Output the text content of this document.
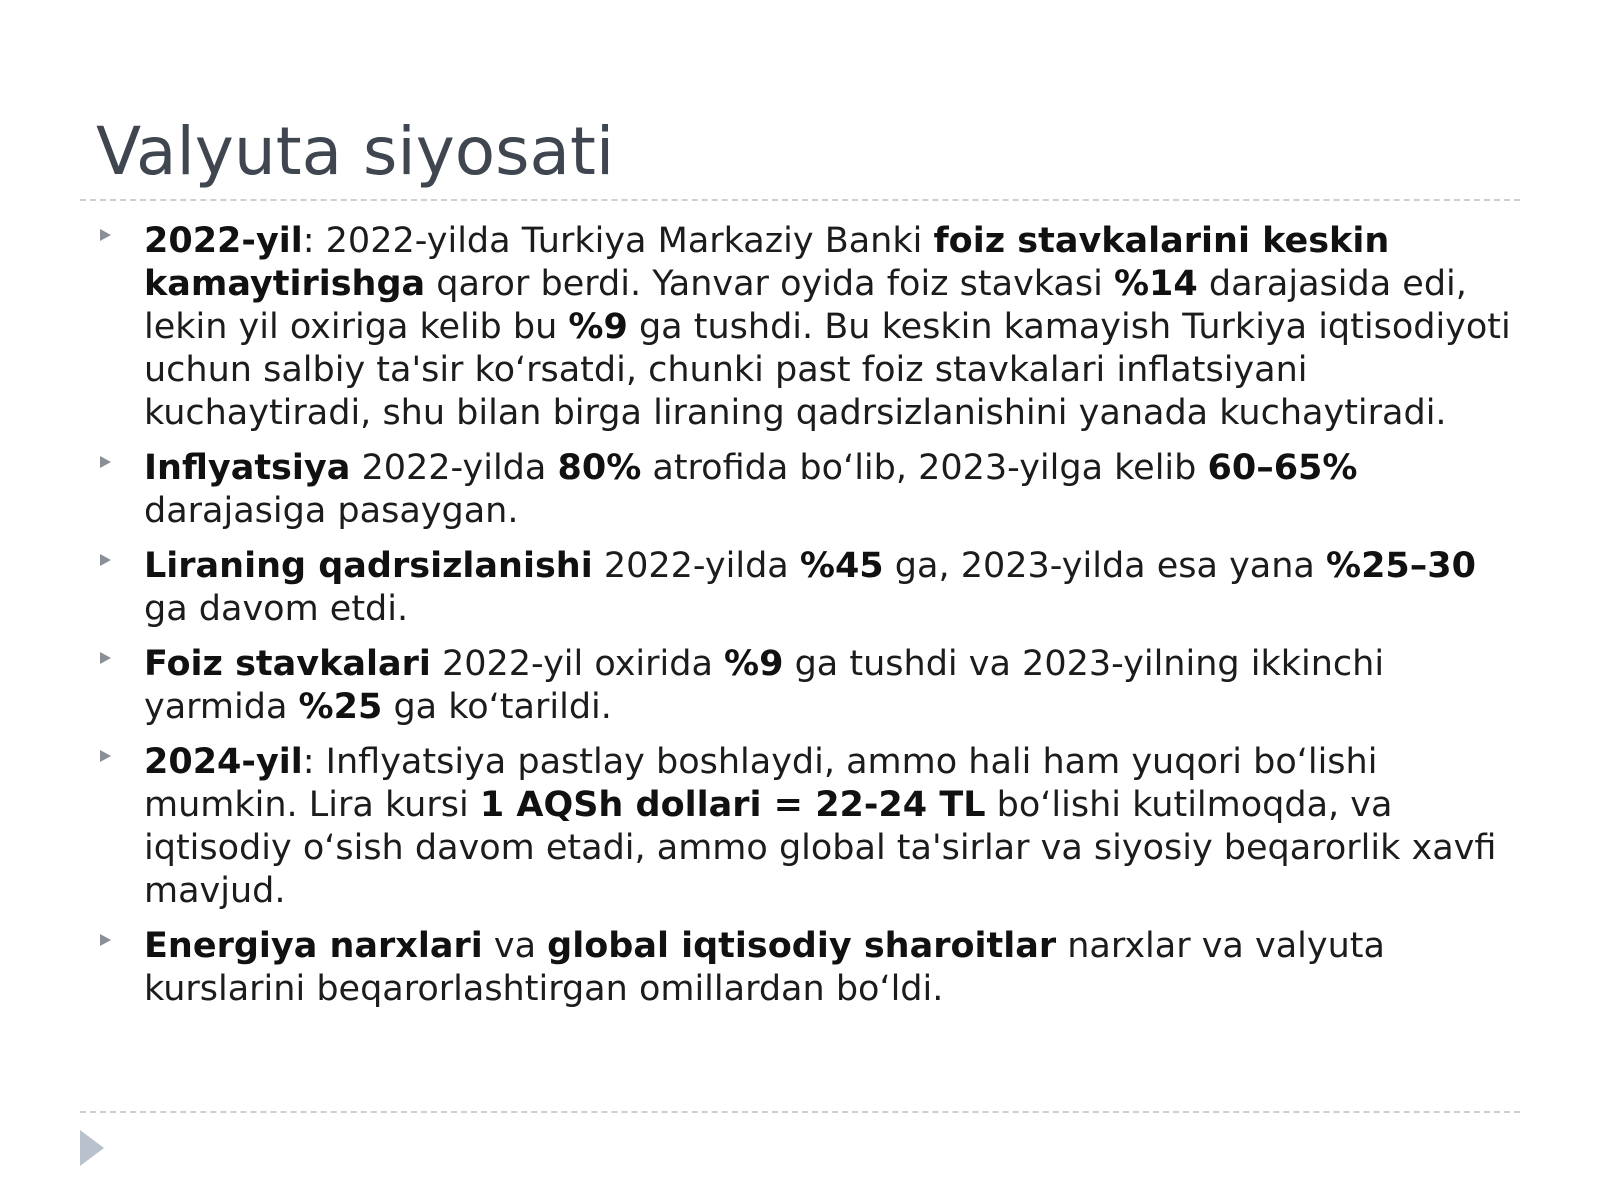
Valyuta siyosati
2022-yil: 2022-yilda Turkiya Markaziy Banki foiz stavkalarini keskin kamaytirishga qaror berdi. Yanvar oyida foiz stavkasi %14 darajasida edi, lekin yil oxiriga kelib bu %9 ga tushdi. Bu keskin kamayish Turkiya iqtisodiyoti uchun salbiy ta'sir ko‘rsatdi, chunki past foiz stavkalari inflatsiyani kuchaytiradi, shu bilan birga liraning qadrsizlanishini yanada kuchaytiradi.
Inflyatsiya 2022-yilda 80% atrofida bo‘lib, 2023-yilga kelib 60–65% darajasiga pasaygan.
Liraning qadrsizlanishi 2022-yilda %45 ga, 2023-yilda esa yana %25–30 ga davom etdi.
Foiz stavkalari 2022-yil oxirida %9 ga tushdi va 2023-yilning ikkinchi yarmida %25 ga ko‘tarildi.
2024-yil: Inflyatsiya pastlay boshlaydi, ammo hali ham yuqori bo‘lishi mumkin. Lira kursi 1 AQSh dollari = 22-24 TL bo‘lishi kutilmoqda, va iqtisodiy o‘sish davom etadi, ammo global ta'sirlar va siyosiy beqarorlik xavfi mavjud.
Energiya narxlari va global iqtisodiy sharoitlar narxlar va valyuta kurslarini beqarorlashtirgan omillardan bo‘ldi.
